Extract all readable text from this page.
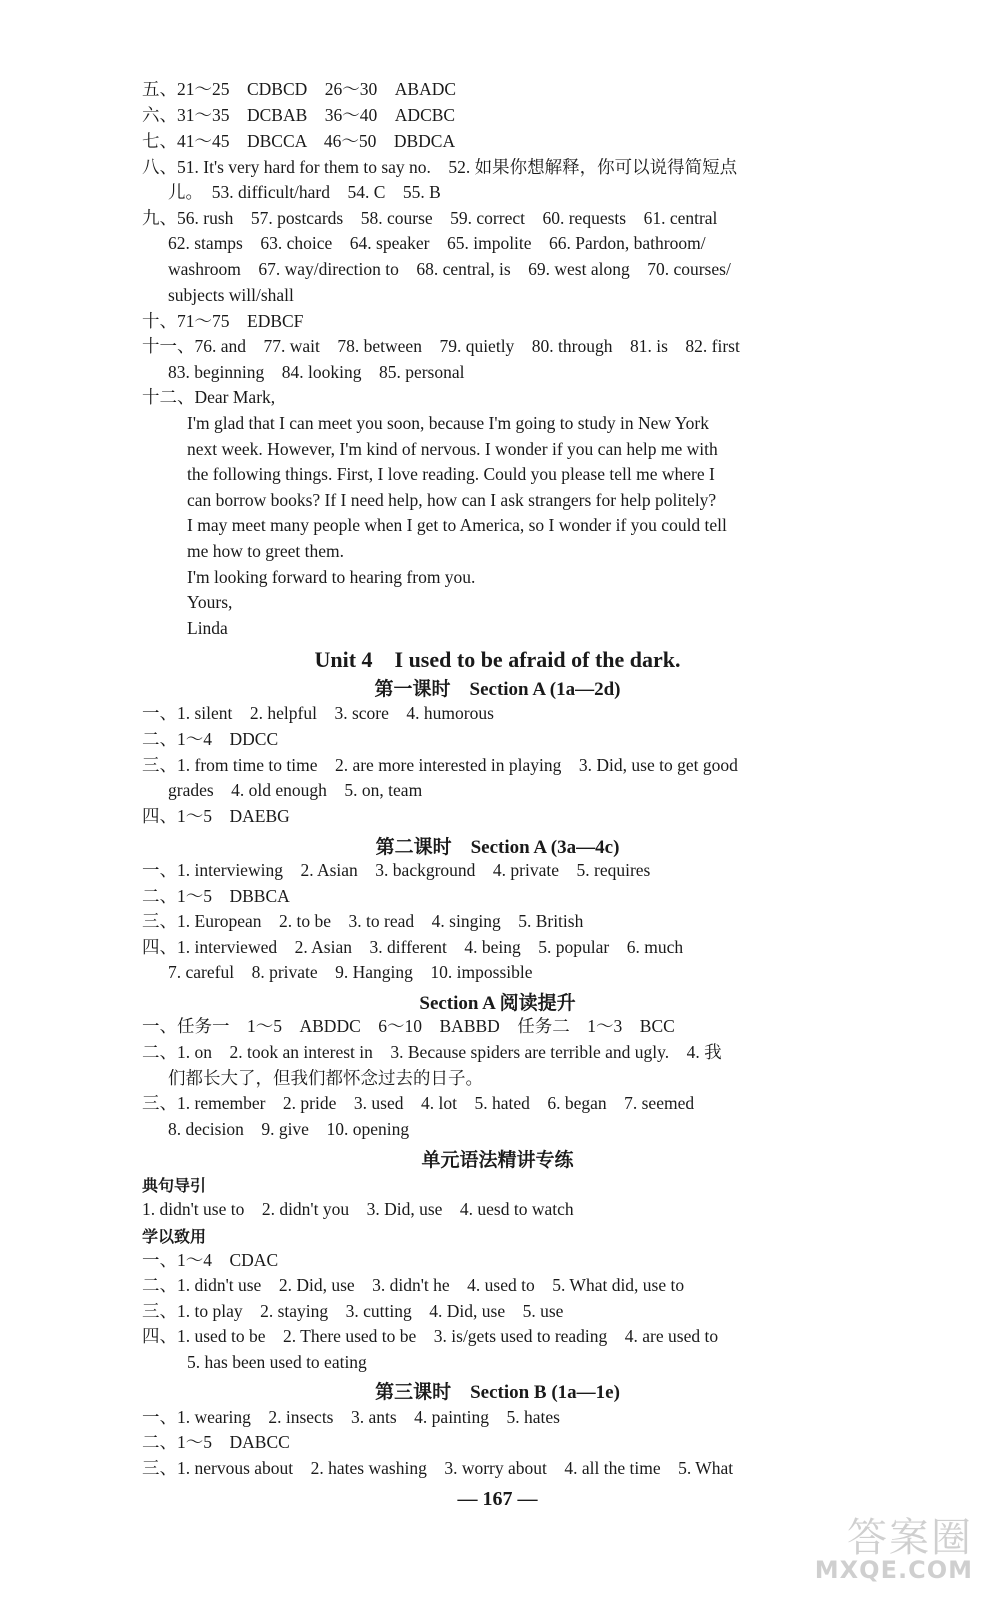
五、21～25　CDBCD　26～30　ABADC
六、31～35　DCBAB　36～40　ADCBC
七、41～45　DBCCA　46～50　DBDCA
八、51. It's very hard for them to say no.　52. 如果你想解释，你可以说得简短点
儿。　53. difficult/hard　54. C　55. B
九、56. rush　57. postcards　58. course　59. correct　60. requests　61. central
62. stamps　63. choice　64. speaker　65. impolite　66. Pardon, bathroom/
washroom　67. way/direction to　68. central, is　69. west along　70. courses/
subjects will/shall
十、71～75　EDBCF
十一、76. and　77. wait　78. between　79. quietly　80. through　81. is　82. first
83. beginning　84. looking　85. personal
十二、Dear Mark,
I'm glad that I can meet you soon, because I'm going to study in New York
next week. However, I'm kind of nervous. I wonder if you can help me with
the following things. First, I love reading. Could you please tell me where I
can borrow books? If I need help, how can I ask strangers for help politely?
I may meet many people when I get to America, so I wonder if you could tell
me how to greet them.
I'm looking forward to hearing from you.
Yours,
Linda
Unit 4　I used to be afraid of the dark.
第一课时　Section A (1a—2d)
一、1. silent　2. helpful　3. score　4. humorous
二、1～4　DDCC
三、1. from time to time　2. are more interested in playing　3. Did, use to get good
grades　4. old enough　5. on, team
四、1～5　DAEBG
第二课时　Section A (3a—4c)
一、1. interviewing　2. Asian　3. background　4. private　5. requires
二、1～5　DBBCA
三、1. European　2. to be　3. to read　4. singing　5. British
四、1. interviewed　2. Asian　3. different　4. being　5. popular　6. much
7. careful　8. private　9. Hanging　10. impossible
Section A 阅读提升
一、任务一　1～5　ABDDC　6～10　BABBD　任务二　1～3　BCC
二、1. on　2. took an interest in　3. Because spiders are terrible and ugly.　4. 我
们都长大了，但我们都怀念过去的日子。
三、1. remember　2. pride　3. used　4. lot　5. hated　6. began　7. seemed
8. decision　9. give　10. opening
单元语法精讲专练
典句导引
1. didn't use to　2. didn't you　3. Did, use　4. uesd to watch
学以致用
一、1～4　CDAC
二、1. didn't use　2. Did, use　3. didn't he　4. used to　5. What did, use to
三、1. to play　2. staying　3. cutting　4. Did, use　5. use
四、1. used to be　2. There used to be　3. is/gets used to reading　4. are used to
5. has been used to eating
第三课时　Section B (1a—1e)
一、1. wearing　2. insects　3. ants　4. painting　5. hates
二、1～5　DABCC
三、1. nervous about　2. hates washing　3. worry about　4. all the time　5. What
— 167 —
答案圈
MXQE.COM
